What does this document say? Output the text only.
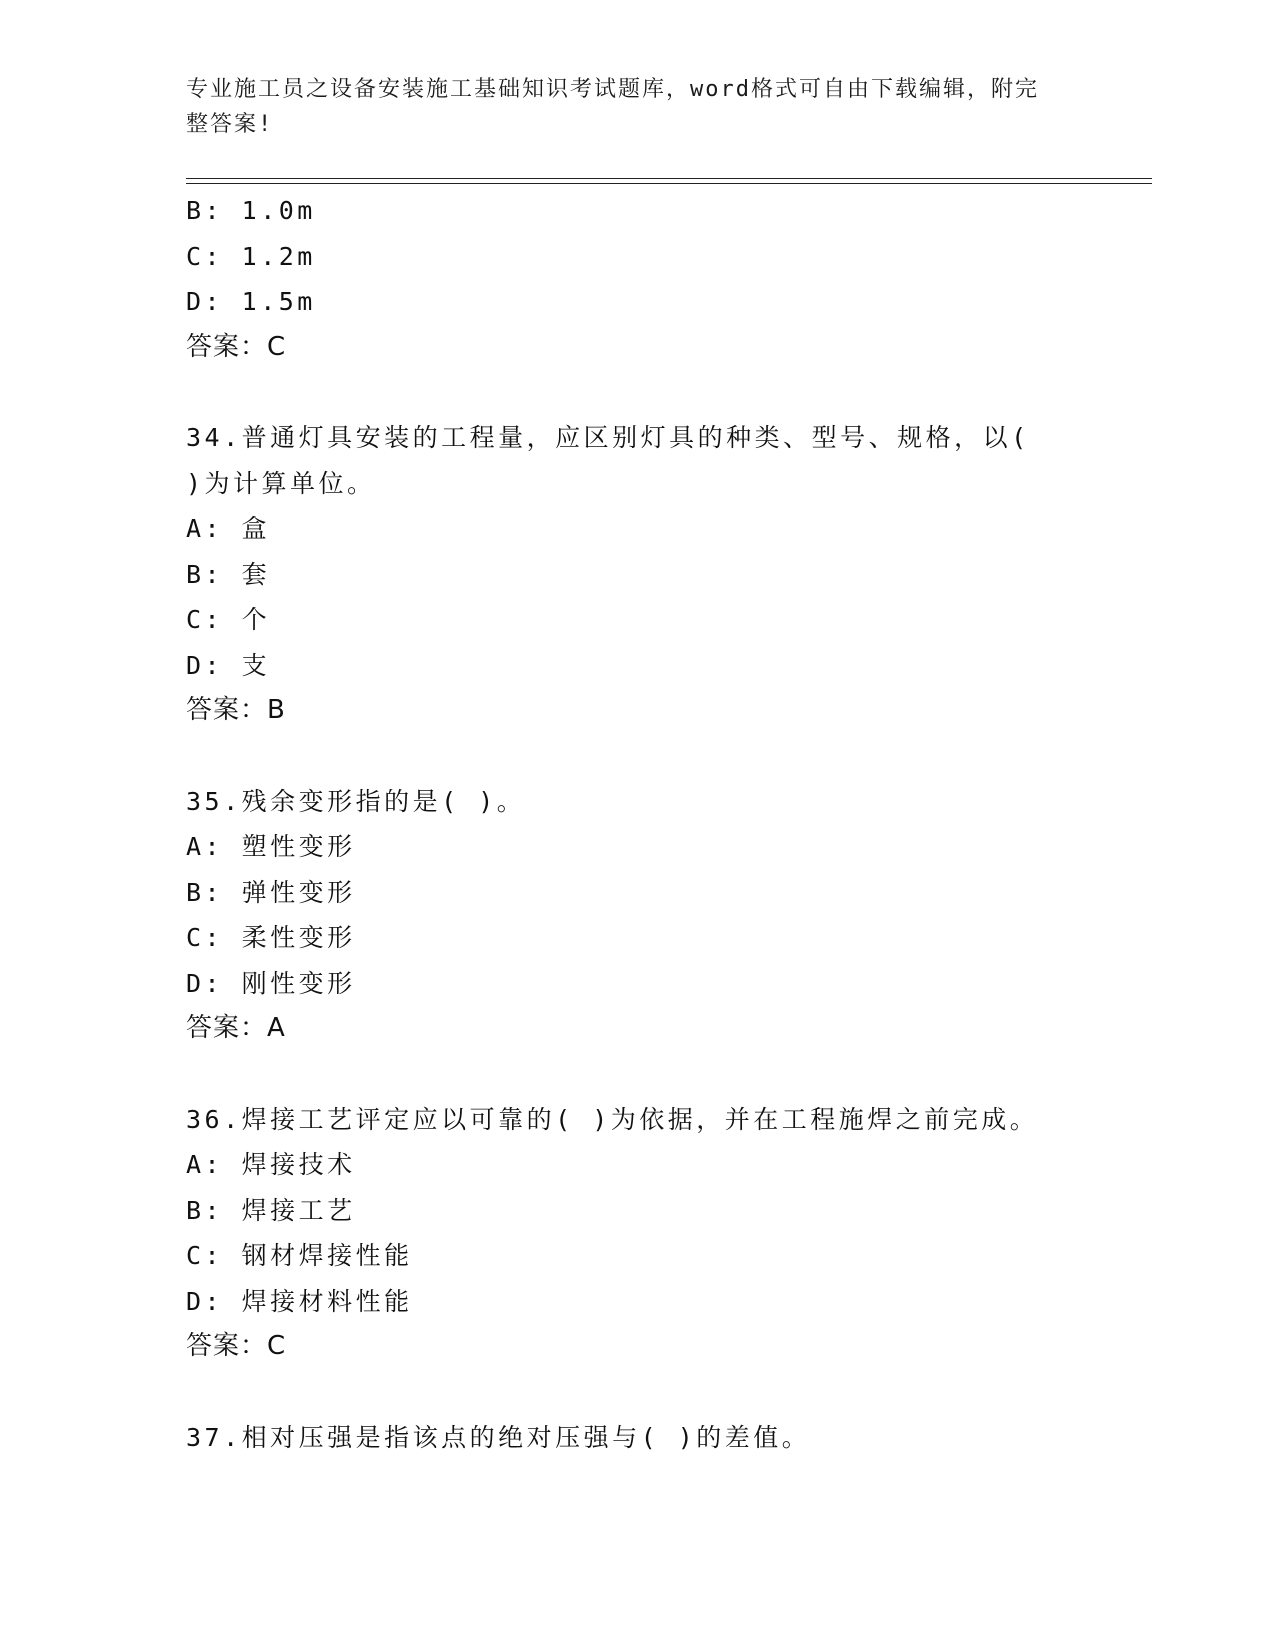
专业施工员之设备安装施工基础知识考试题库，word格式可自由下载编辑，附完
整答案!
B: 1.0m
C: 1.2m
D: 1.5m
答案：C
34.普通灯具安装的工程量，应区别灯具的种类、型号、规格，以(
)为计算单位。
A: 盒
B: 套
C: 个
D: 支
答案：B
35.残余变形指的是( )。
A: 塑性变形
B: 弹性变形
C: 柔性变形
D: 刚性变形
答案：A
36.焊接工艺评定应以可靠的( )为依据，并在工程施焊之前完成。
A: 焊接技术
B: 焊接工艺
C: 钢材焊接性能
D: 焊接材料性能
答案：C
37.相对压强是指该点的绝对压强与( )的差值。
